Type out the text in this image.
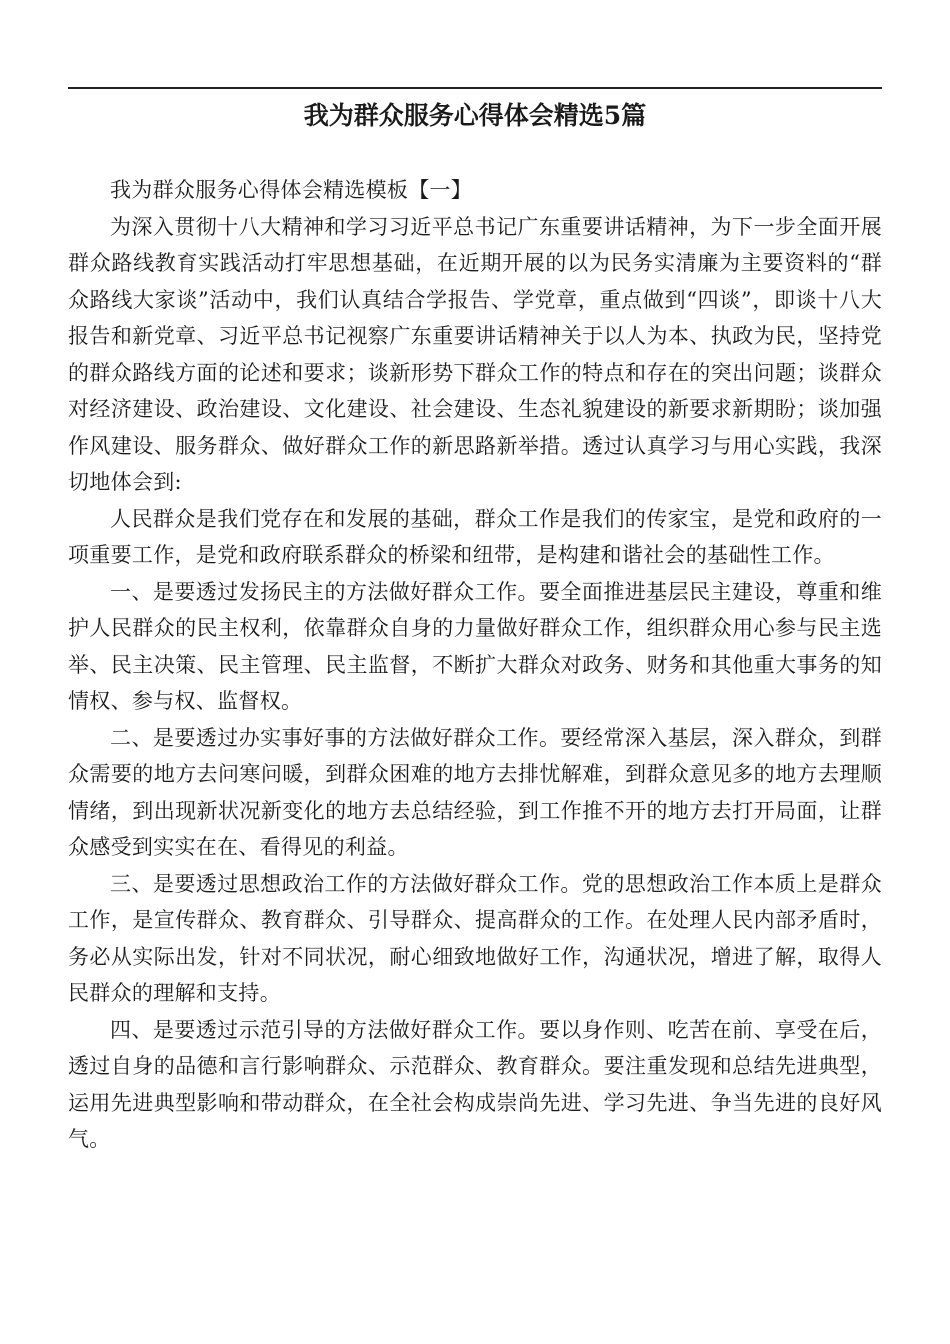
我为群众服务心得体会精选5篇

我为群众服务心得体会精选模板【一】

为深入贯彻十八大精神和学习习近平总书记广东重要讲话精神，为下一步全面开展群众路线教育实践活动打牢思想基础，在近期开展的以为民务实清廉为主要资料的“群众路线大家谈”活动中，我们认真结合学报告、学党章，重点做到“四谈”，即谈十八大报告和新党章、习近平总书记视察广东重要讲话精神关于以人为本、执政为民，坚持党的群众路线方面的论述和要求；谈新形势下群众工作的特点和存在的突出问题；谈群众对经济建设、政治建设、文化建设、社会建设、生态礼貌建设的新要求新期盼；谈加强作风建设、服务群众、做好群众工作的新思路新举措。透过认真学习与用心实践，我深切地体会到:

人民群众是我们党存在和发展的基础，群众工作是我们的传家宝，是党和政府的一项重要工作，是党和政府联系群众的桥梁和纽带，是构建和谐社会的基础性工作。

一、是要透过发扬民主的方法做好群众工作。要全面推进基层民主建设，尊重和维护人民群众的民主权利，依靠群众自身的力量做好群众工作，组织群众用心参与民主选举、民主决策、民主管理、民主监督，不断扩大群众对政务、财务和其他重大事务的知情权、参与权、监督权。

二、是要透过办实事好事的方法做好群众工作。要经常深入基层，深入群众，到群众需要的地方去问寒问暖，到群众困难的地方去排忧解难，到群众意见多的地方去理顺情绪，到出现新状况新变化的地方去总结经验，到工作推不开的地方去打开局面，让群众感受到实实在在、看得见的利益。

三、是要透过思想政治工作的方法做好群众工作。党的思想政治工作本质上是群众工作，是宣传群众、教育群众、引导群众、提高群众的工作。在处理人民内部矛盾时，务必从实际出发，针对不同状况，耐心细致地做好工作，沟通状况，增进了解，取得人民群众的理解和支持。

四、是要透过示范引导的方法做好群众工作。要以身作则、吃苦在前、享受在后，透过自身的品德和言行影响群众、示范群众、教育群众。要注重发现和总结先进典型，运用先进典型影响和带动群众，在全社会构成崇尚先进、学习先进、争当先进的良好风气。
